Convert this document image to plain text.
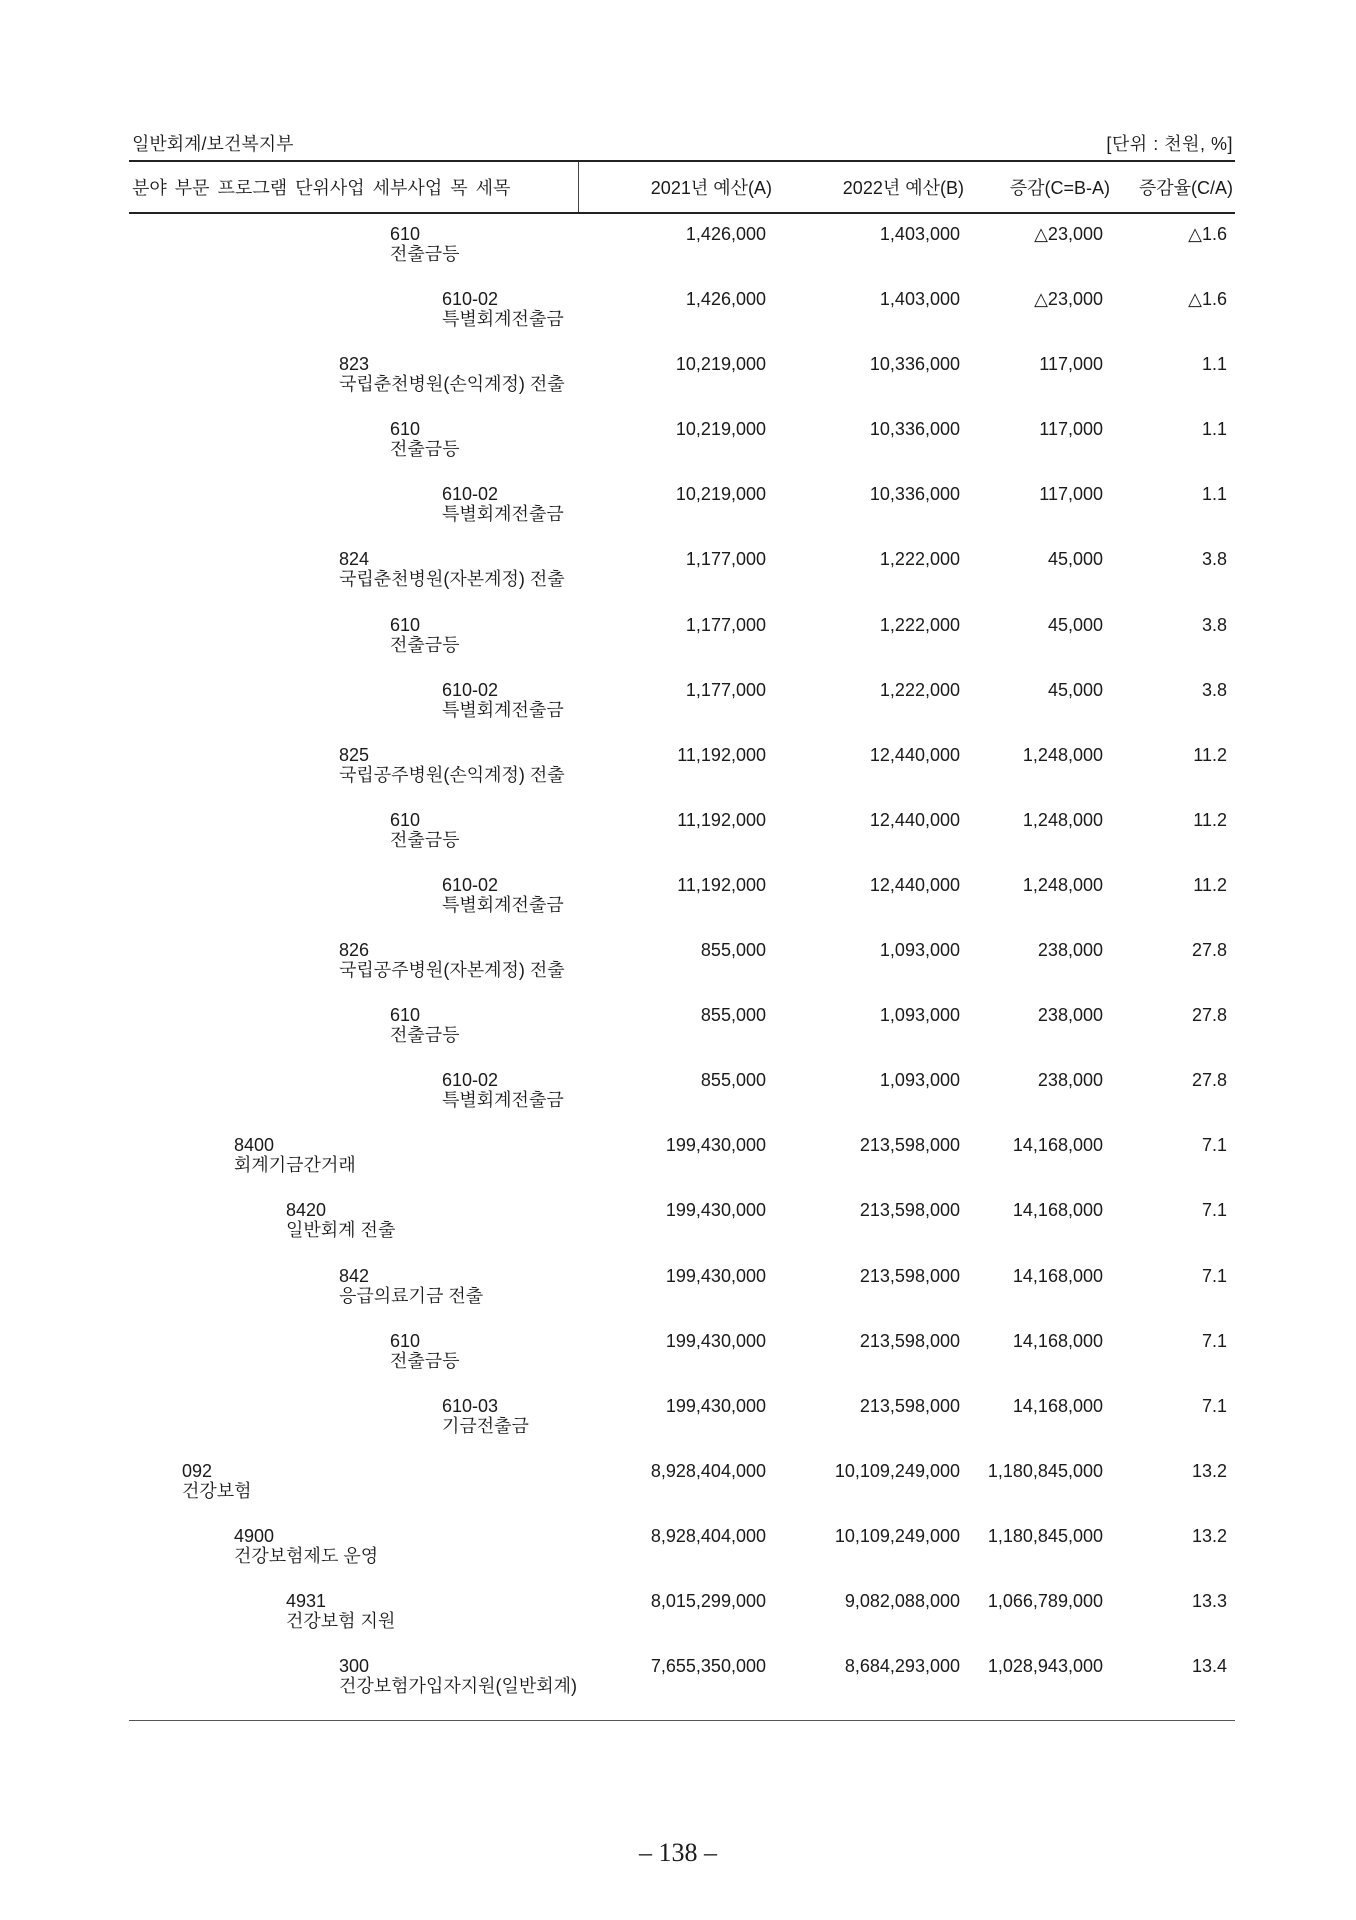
일반회계/보건복지부	[단위 : 천원, %]
분야 부문 프로그램 단위사업 세부사업 목 세목	2021년 예산(A)	2022년 예산(B)	증감(C=B-A) 증감율(C/A)
610
전출금등
1,426,000	1,403,000	△23,000	△1.6
610-02
특별회계전출금
1,426,000	1,403,000	△23,000	△1.6
823
국립춘천병원(손익계정) 전출
10,219,000	10,336,000	117,000	1.1
610
전출금등
10,219,000	10,336,000	117,000	1.1
610-02
특별회계전출금
10,219,000	10,336,000	117,000	1.1
824
국립춘천병원(자본계정) 전출
1,177,000	1,222,000	45,000	3.8
610
전출금등
1,177,000	1,222,000	45,000	3.8
610-02
특별회계전출금
1,177,000	1,222,000	45,000	3.8
825
국립공주병원(손익계정) 전출
11,192,000	12,440,000	1,248,000	11.2
610
전출금등
11,192,000	12,440,000	1,248,000	11.2
610-02
특별회계전출금
11,192,000	12,440,000	1,248,000	11.2
826
국립공주병원(자본계정) 전출
855,000	1,093,000	238,000	27.8
610
전출금등
855,000	1,093,000	238,000	27.8
610-02
특별회계전출금
855,000	1,093,000	238,000	27.8
8400
회계기금간거래
199,430,000	213,598,000	14,168,000	7.1
8420
일반회계 전출
199,430,000	213,598,000	14,168,000	7.1
842
응급의료기금 전출
199,430,000	213,598,000	14,168,000	7.1
610
전출금등
199,430,000	213,598,000	14,168,000	7.1
610-03
기금전출금
199,430,000	213,598,000	14,168,000	7.1
092
건강보험
8,928,404,000	10,109,249,000 1,180,845,000	13.2
4900
건강보험제도 운영
8,928,404,000	10,109,249,000 1,180,845,000	13.2
4931
건강보험 지원
8,015,299,000	9,082,088,000 1,066,789,000	13.3
300
건강보험가입자지원(일반회계)
7,655,350,000	8,684,293,000 1,028,943,000	13.4
– 138 –
